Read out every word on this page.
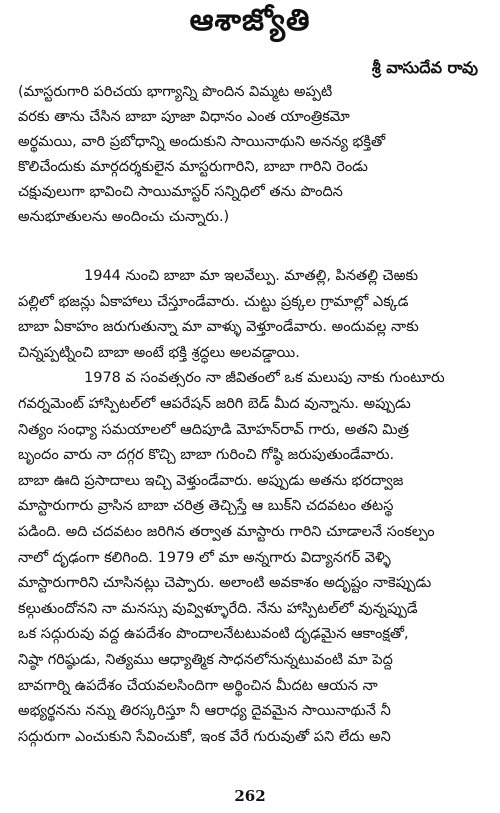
ఆశాజ్యోతి
శ్రీ వాసుదేవ రావు
(మాస్టరుగారి పరిచయ భాగ్యాన్ని పొందిన విమ్మట అప్పటి
వరకు తాను చేసిన బాబా పూజా విధానం ఎంత యాంత్రికమో
అర్థమయి, వారి ప్రబోధాన్ని అందుకుని సాయినాథుని అనన్య భక్తితో
కొలిచేందుకు మార్గదర్శకులైన మాస్టరుగారిని, బాబా గారిని రెండు
చక్షువులుగా భావించి సాయిమాస్టర్ సన్నిధిలో తను పొందిన
అనుభూతులను అందించు చున్నారు.)
1944 నుంచి బాబా మా ఇలవేల్పు. మాతల్లి, పినతల్లి చెఱకు
పల్లిలో భజన్లు ఏకాహాలు చేస్తూండేవారు. చుట్టు ప్రక్కల గ్రామాల్లో ఎక్కడ
బాబా ఏకాహం జరుగుతున్నా మా వాళ్ళు వెళ్తూండేవారు. అందువల్ల నాకు
చిన్నప్పట్నించి బాబా అంటే భక్తి శ్రద్ధలు అలవడ్డాయి.
1978 వ సంవత్సరం నా జీవితంలో ఒక మలుపు నాకు గుంటూరు
గవర్నమెంట్ హాస్పిటల్‌లో ఆపరేషన్ జరిగి బెడ్ మీద వున్నాను. అప్పుడు
నిత్యం సంధ్యా సమయాలలో ఆదిపూడి మోహన్‌రావ్ గారు, అతని మిత్ర
బృందం వారు నా దగ్గర కొచ్చి బాబా గురించి గోష్ఠి జరుపుతుండేవారు.
బాబా ఊది ప్రసాదాలు ఇచ్చి వెళ్తుండేవారు. అప్పుడు అతను భరద్వాజ
మాస్టారుగారు వ్రాసిన బాబా చరిత్ర తెచ్చిస్తే ఆ బుక్‌ని చదవటం తటస్థ
పడింది. అది చదవటం జరిగిన తర్వాత మాస్టారు గారిని చూడాలనే సంకల్పం
నాలో దృఢంగా కలిగింది. 1979 లో మా అన్నగారు విద్యానగర్ వెళ్ళి
మాస్టారుగారిని చూసినట్లు చెప్పారు. అలాంటి అవకాశం అదృష్టం నాకెప్పుడు
కల్గుతుందోనని నా మనస్సు వువ్విళ్ళూరేది. నేను హాస్పిటల్‌లో వున్నప్పుడే
ఒక సద్గురువు వద్ద ఉపదేశం పొందాలనేటటువంటి దృఢమైన ఆకాంక్షతో,
నిష్ఠా గరిష్ఠుడు, నిత్యము ఆధ్యాత్మిక సాధనలోనున్నటువంటి మా పెద్ద
బావగార్ని ఉపదేశం చేయవలసిందిగా అర్థించిన మీదట ఆయన నా
అభ్యర్థనను నన్ను తిరస్కరిస్తూ నీ ఆరాధ్య దైవమైన సాయినాథునే నీ
సద్గురుగా ఎంచుకుని సేవించుకో, ఇంక వేరే గురువుతో పని లేదు అని
262
